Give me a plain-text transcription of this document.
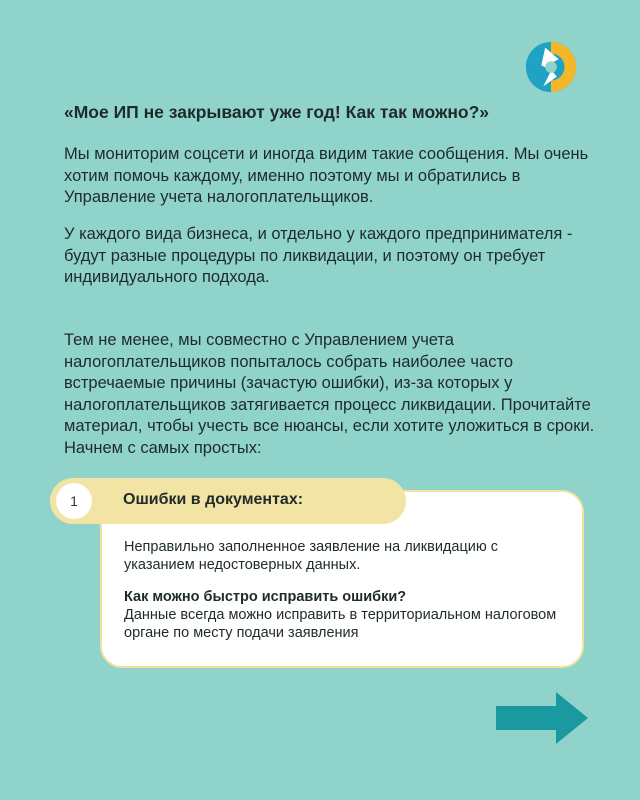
«Мое ИП не закрывают уже год! Как так можно?»

Мы мониторим соцсети и иногда видим такие сообщения. Мы очень хотим помочь каждому, именно поэтому мы и обратились в Управление учета налогоплательщиков.

У каждого вида бизнеса, и отдельно у каждого предпринимателя - будут разные процедуры по ликвидации, и поэтому он требует индивидуального подхода.

Тем не менее, мы совместно с Управлением учета налогоплательщиков попыталось собрать наиболее часто встречаемые причины (зачастую ошибки), из-за которых у налогоплательщиков затягивается процесс ликвидации. Прочитайте материал, чтобы учесть все нюансы, если хотите уложиться в сроки. Начнем с самых простых:

Неправильно заполненное заявление на ликвидацию с указанием недостоверных данных.

Как можно быстро исправить ошибки?

Данные всегда можно исправить в территориальном налоговом органе по месту подачи заявления

1	Ошибки в документах:
